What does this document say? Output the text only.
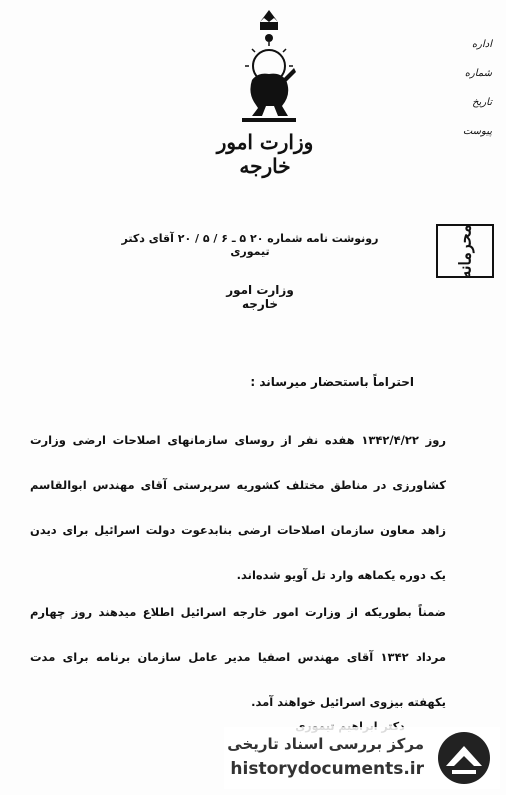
وزارت امور خارجه
اداره
شماره
تاریخ
پیوست
محرمانه
رونوشت نامه شماره ۲۰ ۵ ـ ۶ / ۵ / ۲۰ آقای دکتر تیموری
وزارت امور خارجه
احتراماً باستحضار میرساند :
روز ۱۳۴۲/۴/۲۲ هفده نفر از روسای سازمانهای اصلاحات ارضی وزارت کشاورزی در مناطق مختلف کشوریه سرپرستی آقای مهندس ابوالقاسم زاهد معاون سازمان اصلاحات ارضی بنابدعوت دولت اسرائیل برای دیدن یک دوره یکماهه وارد تل آویو شده‌اند.
ضمناً بطوریکه از وزارت امور خارجه اسرائیل اطلاع میدهند روز چهارم مرداد ۱۳۴۲ آقای مهندس اصفیا مدیر عامل سازمان برنامه برای مدت یکهفته بیزوی اسرائیل خواهند آمد.
مرکز بررسی اسناد تاریخی
historydocuments.ir
